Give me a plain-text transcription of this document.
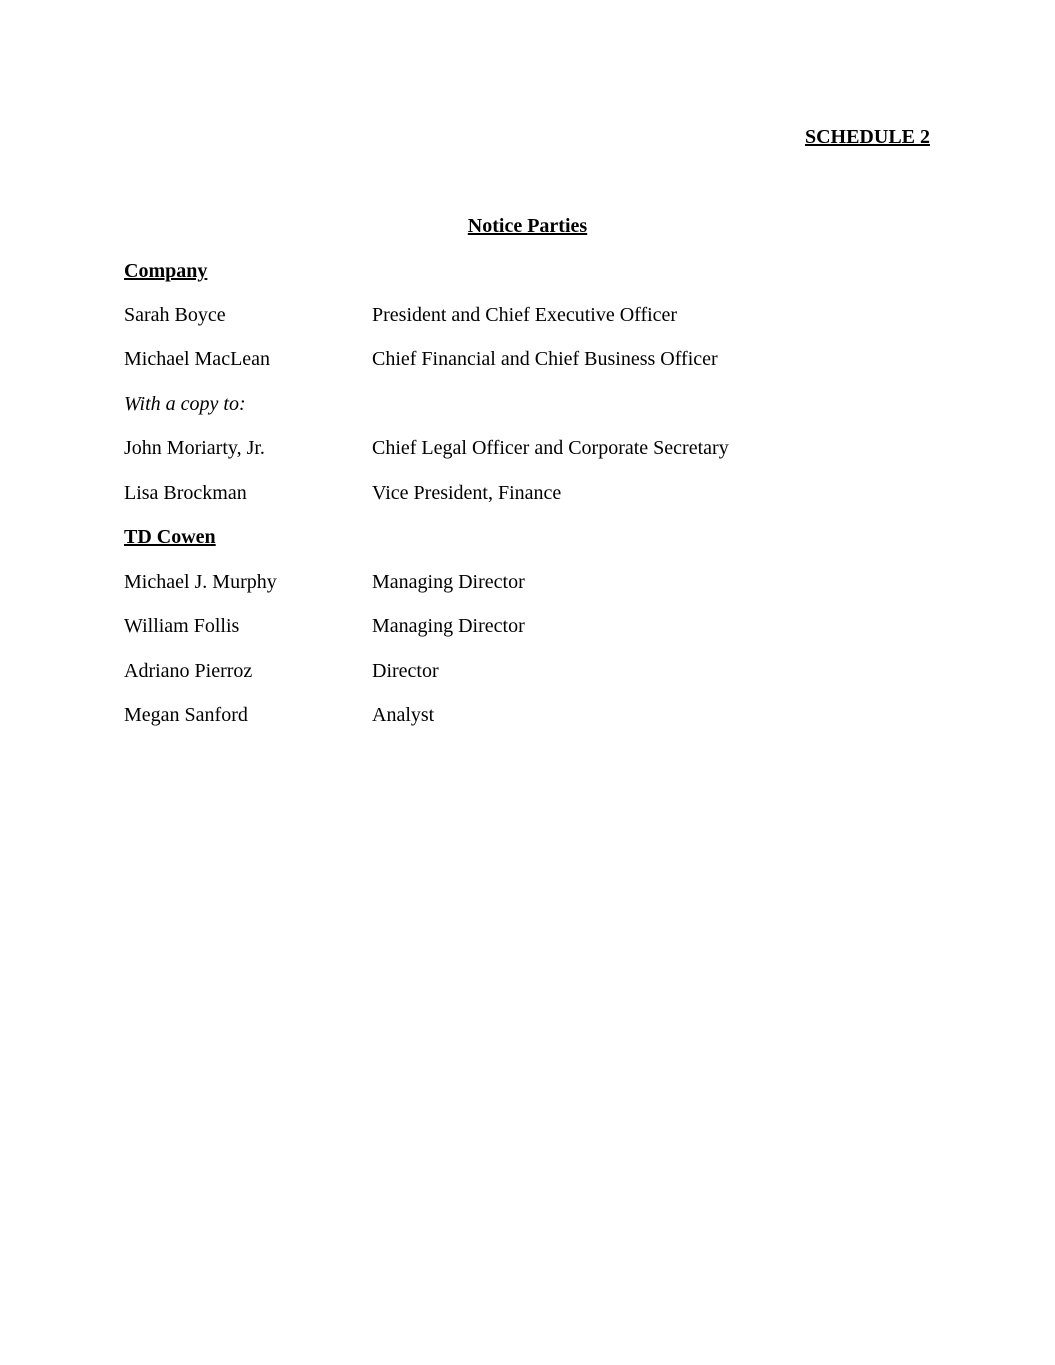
SCHEDULE 2
Notice Parties
Company
Sarah Boyce	President and Chief Executive Officer
Michael MacLean	Chief Financial and Chief Business Officer
With a copy to:
John Moriarty, Jr.	Chief Legal Officer and Corporate Secretary
Lisa Brockman	Vice President, Finance
TD Cowen
Michael J. Murphy	Managing Director
William Follis	Managing Director
Adriano Pierroz	Director
Megan Sanford	Analyst
